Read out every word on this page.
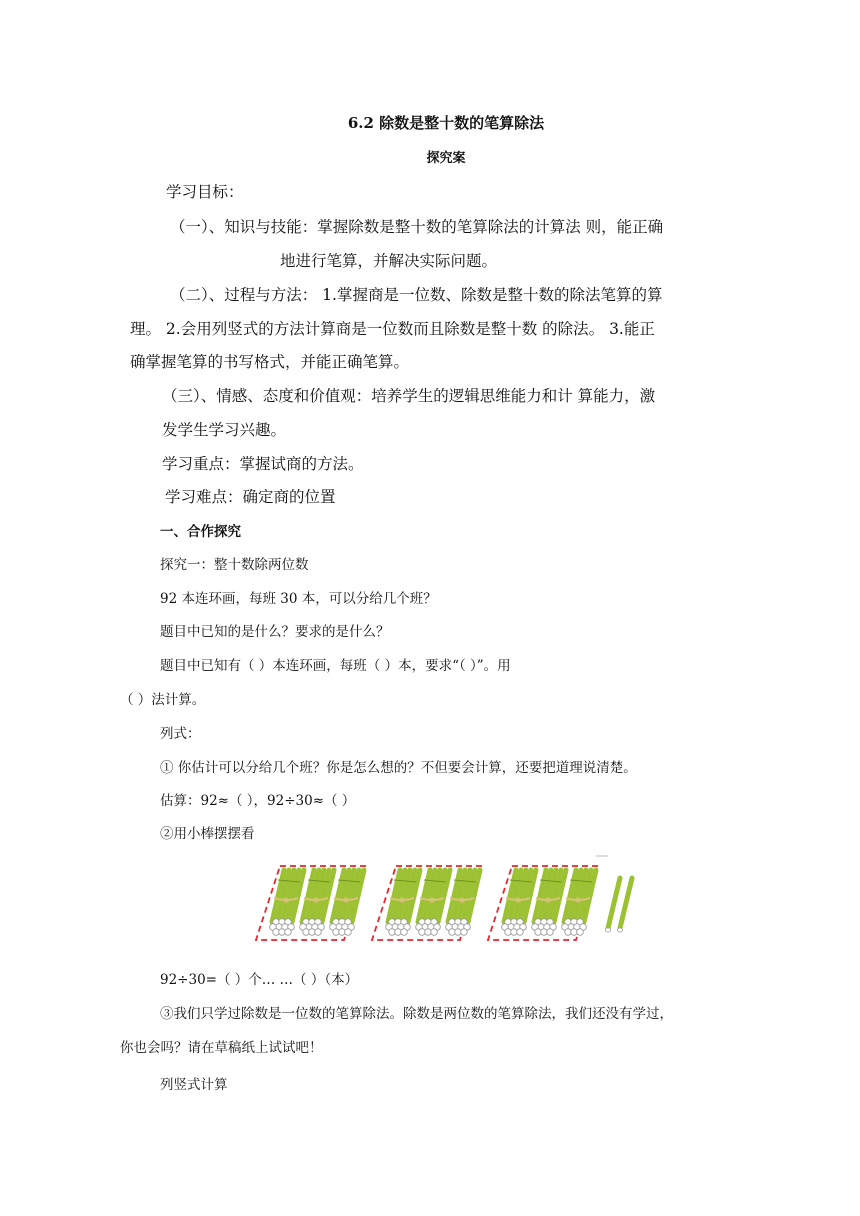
6.2 除数是整十数的笔算除法
探究案
学习目标：
（一）、知识与技能：掌握除数是整十数的笔算除法的计算法 则，能正确
地进行笔算，并解决实际问题。
（二）、过程与方法： 1.掌握商是一位数、除数是整十数的除法笔算的算
理。 2.会用列竖式的方法计算商是一位数而且除数是整十数 的除法。 3.能正
确掌握笔算的书写格式，并能正确笔算。
（三）、情感、态度和价值观：培养学生的逻辑思维能力和计 算能力，激
发学生学习兴趣。
学习重点：掌握试商的方法。
学习难点：确定商的位置
一、合作探究
探究一：整十数除两位数
92 本连环画，每班 30 本，可以分给几个班？
题目中已知的是什么？要求的是什么？
题目中已知有（ ）本连环画，每班（ ）本，要求“（ ）”。用
（ ）法计算。
列式：
① 你估计可以分给几个班？你是怎么想的？不但要会计算，还要把道理说清楚。
估算：92≈（ ），92÷30≈（ ）
②用小棒摆摆看
92÷30=（ ）个… …（ ）（本）
③我们只学过除数是一位数的笔算除法。除数是两位数的笔算除法，我们还没有学过，
你也会吗？请在草稿纸上试试吧！
列竖式计算
